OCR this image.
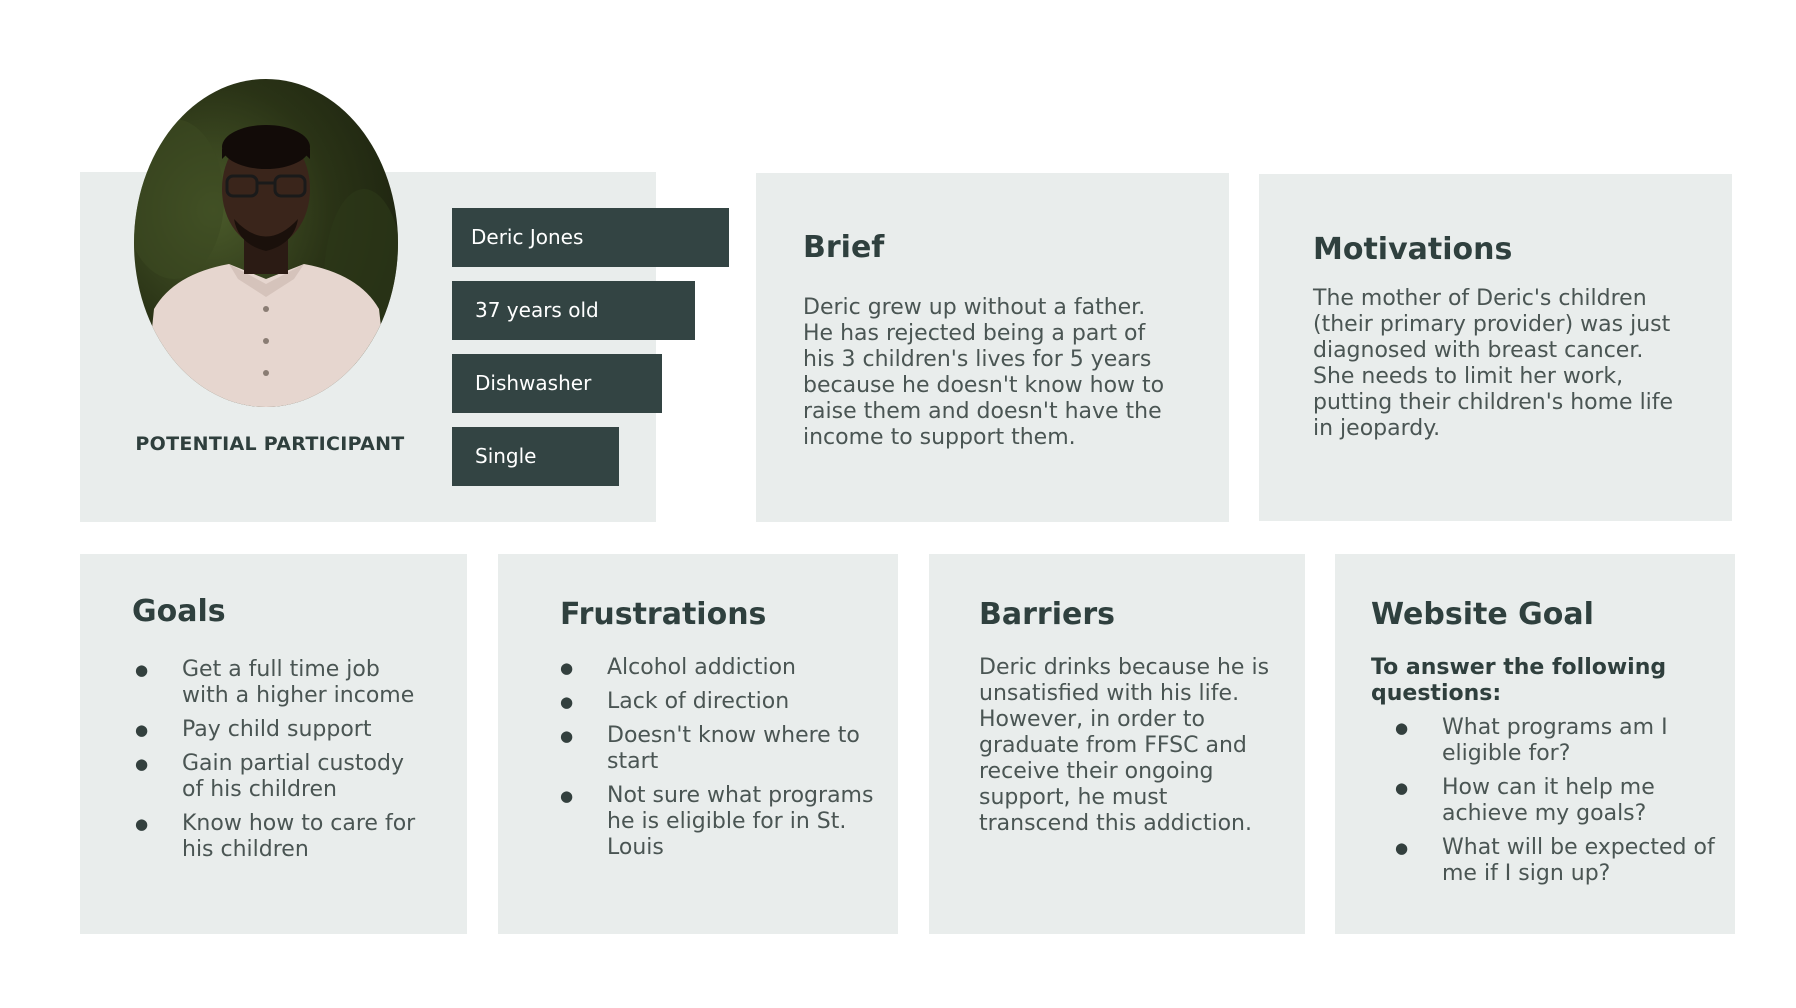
POTENTIAL PARTICIPANT
Deric Jones
37 years old
Dishwasher
Single
Brief

Deric grew up without a father. He has rejected being a part of his 3 children's lives for 5 years because he doesn't know how to raise them and doesn't have the income to support them.

Motivations

The mother of Deric's children (their primary provider) was just diagnosed with breast cancer. She needs to limit her work, putting their children's home life in jeopardy.

Goals
● Get a full time job with a higher income
● Pay child support
● Gain partial custody of his children
● Know how to care for his children
Frustrations
● Alcohol addiction
● Lack of direction
● Doesn't know where to start
● Not sure what programs he is eligible for in St. Louis
Barriers

Deric drinks because he is unsatisfied with his life. However, in order to graduate from FFSC and receive their ongoing support, he must transcend this addiction.

Website Goal

To answer the following questions:

● What programs am I eligible for?
● How can it help me achieve my goals?
● What will be expected of me if I sign up?
